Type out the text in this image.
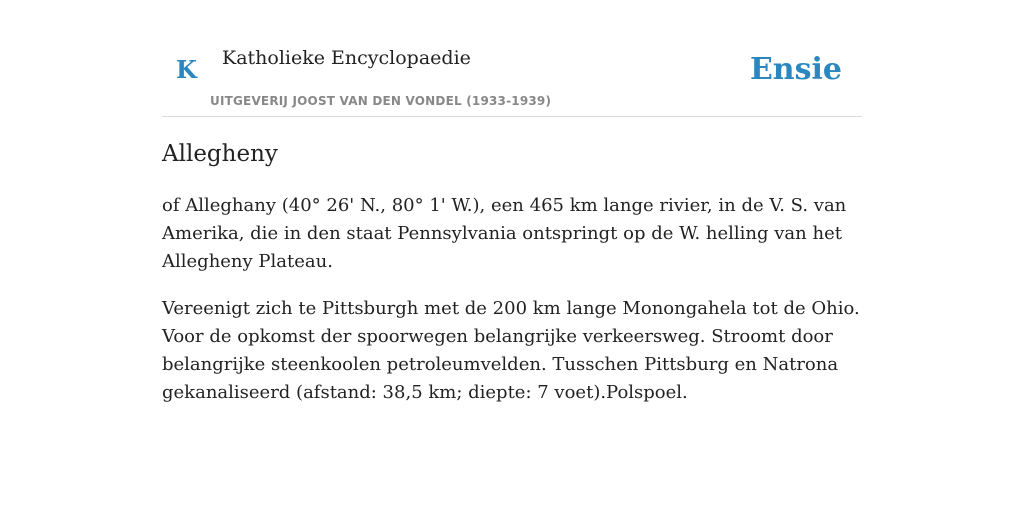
K Katholieke Encyclopaedie
UITGEVERIJ JOOST VAN DEN VONDEL (1933-1939)
Ensie
Allegheny

of Alleghany (40° 26' N., 80° 1' W.), een 465 km lange rivier, in de V. S. van Amerika, die in den staat Pennsylvania ontspringt op de W. helling van het Allegheny Plateau.

Vereenigt zich te Pittsburgh met de 200 km lange Monongahela tot de Ohio. Voor de opkomst der spoorwegen belangrijke verkeersweg. Stroomt door belangrijke steenkoolen petroleumvelden. Tusschen Pittsburg en Natrona gekanaliseerd (afstand: 38,5 km; diepte: 7 voet).Polspoel.
